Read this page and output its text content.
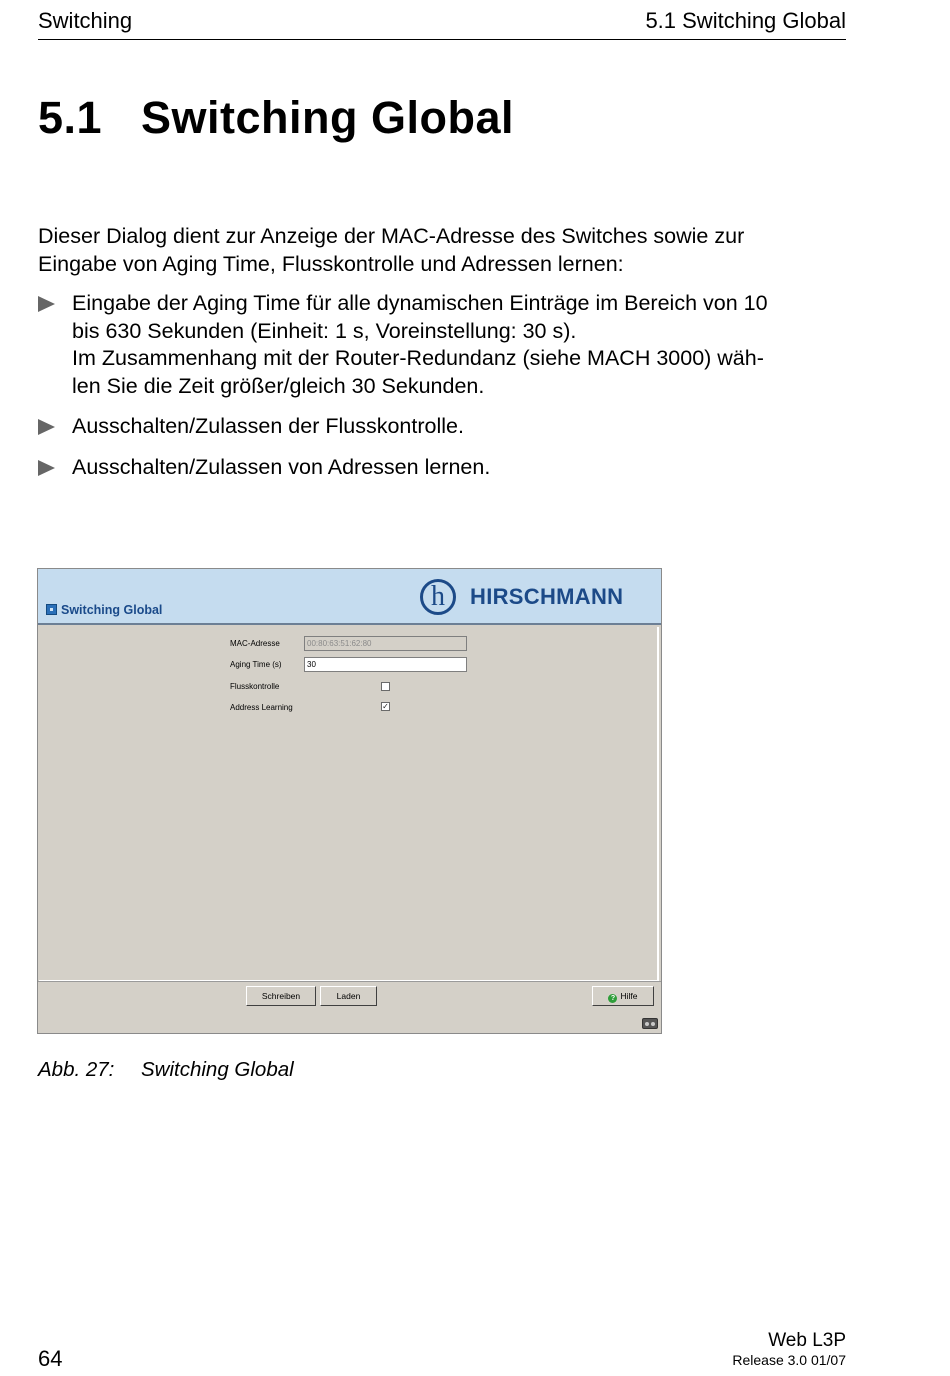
Switching	5.1 Switching Global
5.1 Switching Global
Dieser Dialog dient zur Anzeige der MAC-Adresse des Switches sowie zur
Eingabe von Aging Time, Flusskontrolle und Adressen lernen:
Eingabe der Aging Time für alle dynamischen Einträge im Bereich von 10
bis 630 Sekunden (Einheit: 1 s, Voreinstellung: 30 s).
Im Zusammenhang mit der Router-Redundanz (siehe MACH 3000) wäh-
len Sie die Zeit größer/gleich 30 Sekunden.
Ausschalten/Zulassen der Flusskontrolle.
Ausschalten/Zulassen von Adressen lernen.
Switching Global	h	HIRSCHMANN
MAC-Adresse	00:80:63:51:62:80
Aging Time (s)	30
Flusskontrolle
Address Learning	✓
Schreiben	Laden	? Hilfe
Abb. 27: Switching Global
64
Web L3P
Release 3.0 01/07
